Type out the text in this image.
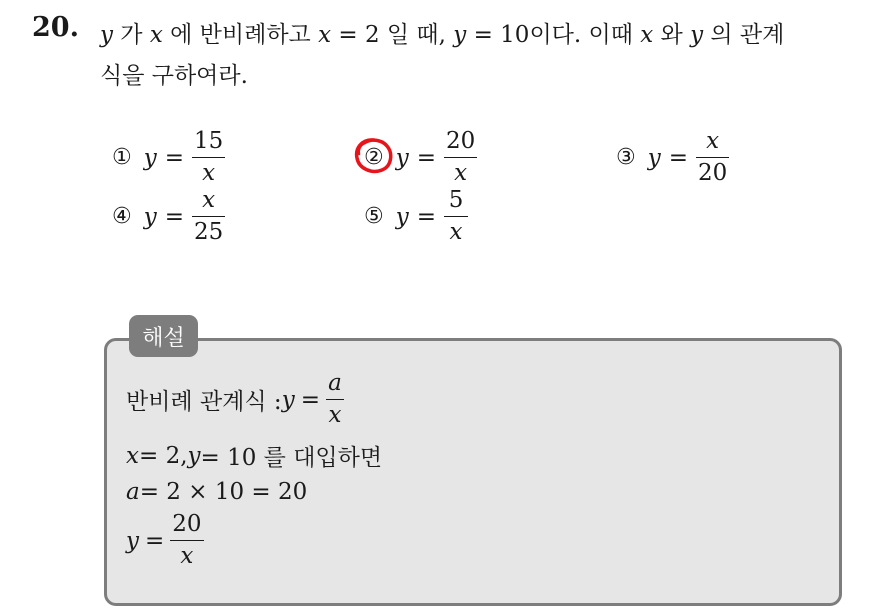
20. y 가 x 에 반비례하고 x = 2 일 때, y = 10이다. 이때 x 와 y 의 관계
식을 구하여라.
① $y = \frac{15}{x}$	② $y = \frac{20}{x}$	③ $y = \frac{x}{20}$
④ $y = \frac{x}{25}$	⑤ $y = \frac{5}{x}$
해설
반비례 관계식 : $y = \frac{a}{x}$
x = 2, y = 10 를 대입하면
a = 2 × 10 = 20
$y = \frac{20}{x}$
